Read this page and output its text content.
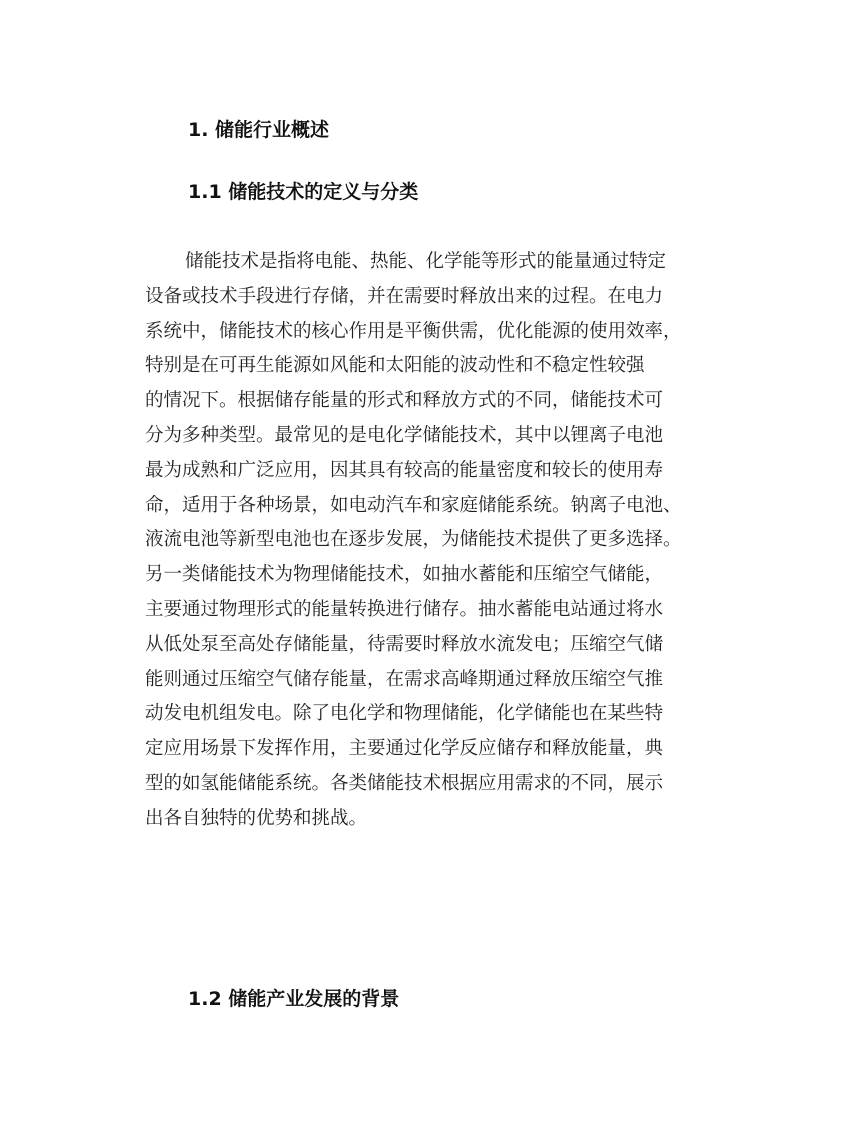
1. 储能行业概述
1.1 储能技术的定义与分类
储能技术是指将电能、热能、化学能等形式的能量通过特定
设备或技术手段进行存储，并在需要时释放出来的过程。在电力
系统中，储能技术的核心作用是平衡供需，优化能源的使用效率，
特别是在可再生能源如风能和太阳能的波动性和不稳定性较强
的情况下。根据储存能量的形式和释放方式的不同，储能技术可
分为多种类型。最常见的是电化学储能技术，其中以锂离子电池
最为成熟和广泛应用，因其具有较高的能量密度和较长的使用寿
命，适用于各种场景，如电动汽车和家庭储能系统。钠离子电池、
液流电池等新型电池也在逐步发展，为储能技术提供了更多选择。
另一类储能技术为物理储能技术，如抽水蓄能和压缩空气储能，
主要通过物理形式的能量转换进行储存。抽水蓄能电站通过将水
从低处泵至高处存储能量，待需要时释放水流发电；压缩空气储
能则通过压缩空气储存能量，在需求高峰期通过释放压缩空气推
动发电机组发电。除了电化学和物理储能，化学储能也在某些特
定应用场景下发挥作用，主要通过化学反应储存和释放能量，典
型的如氢能储能系统。各类储能技术根据应用需求的不同，展示
出各自独特的优势和挑战。
1.2 储能产业发展的背景
